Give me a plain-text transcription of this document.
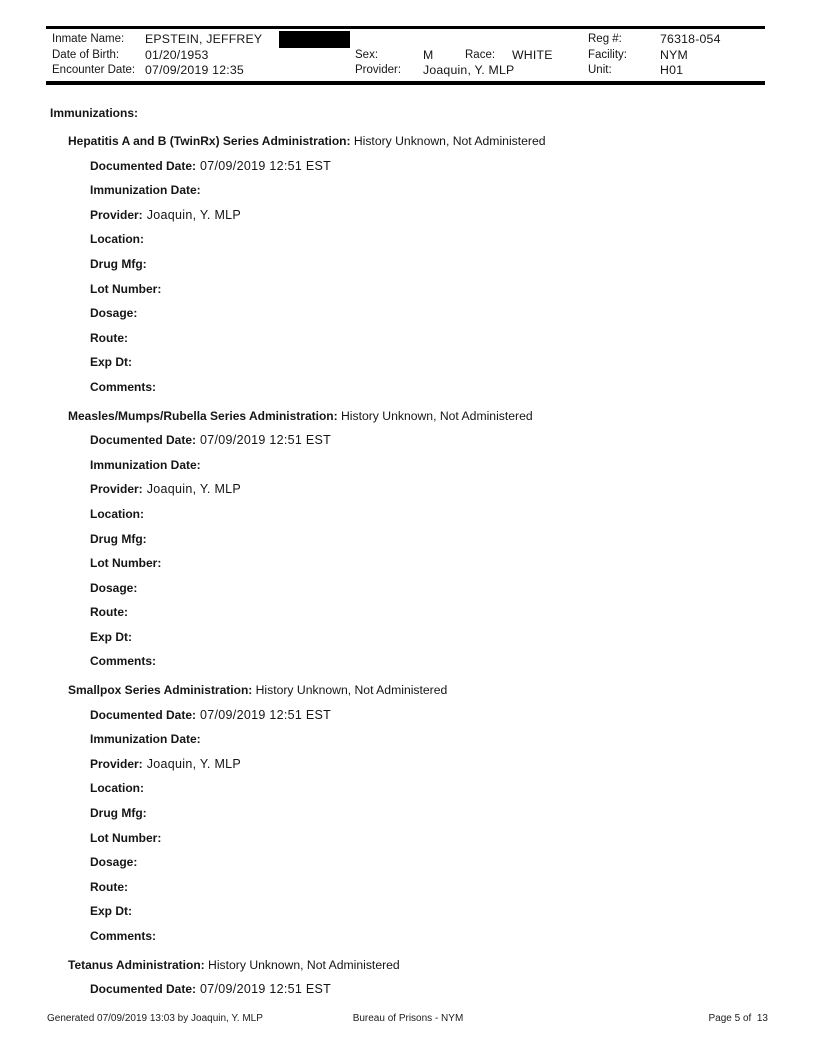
Inmate Name: EPSTEIN, JEFFREY
Date of Birth: 01/20/1953
Encounter Date: 07/09/2019 12:35
Sex:	M	Race: WHITE
Provider: Joaquin, Y. MLP
Reg #:	76318-054
Facility:	NYM
Unit:	H01
Immunizations:
Hepatitis A and B (TwinRx) Series Administration: History Unknown, Not Administered
Documented Date: 07/09/2019 12:51 EST
Immunization Date:
Provider: Joaquin, Y. MLP
Location:
Drug Mfg:
Lot Number:
Dosage:
Route:
Exp Dt:
Comments:
Measles/Mumps/Rubella Series Administration: History Unknown, Not Administered
Documented Date: 07/09/2019 12:51 EST
Immunization Date:
Provider: Joaquin, Y. MLP
Location:
Drug Mfg:
Lot Number:
Dosage:
Route:
Exp Dt:
Comments:
Smallpox Series Administration: History Unknown, Not Administered
Documented Date: 07/09/2019 12:51 EST
Immunization Date:
Provider: Joaquin, Y. MLP
Location:
Drug Mfg:
Lot Number:
Dosage:
Route:
Exp Dt:
Comments:
Tetanus Administration: History Unknown, Not Administered
Documented Date: 07/09/2019 12:51 EST
Bureau of Prisons - NYM
Generated 07/09/2019 13:03 by Joaquin, Y. MLP	Page 5 of  13
